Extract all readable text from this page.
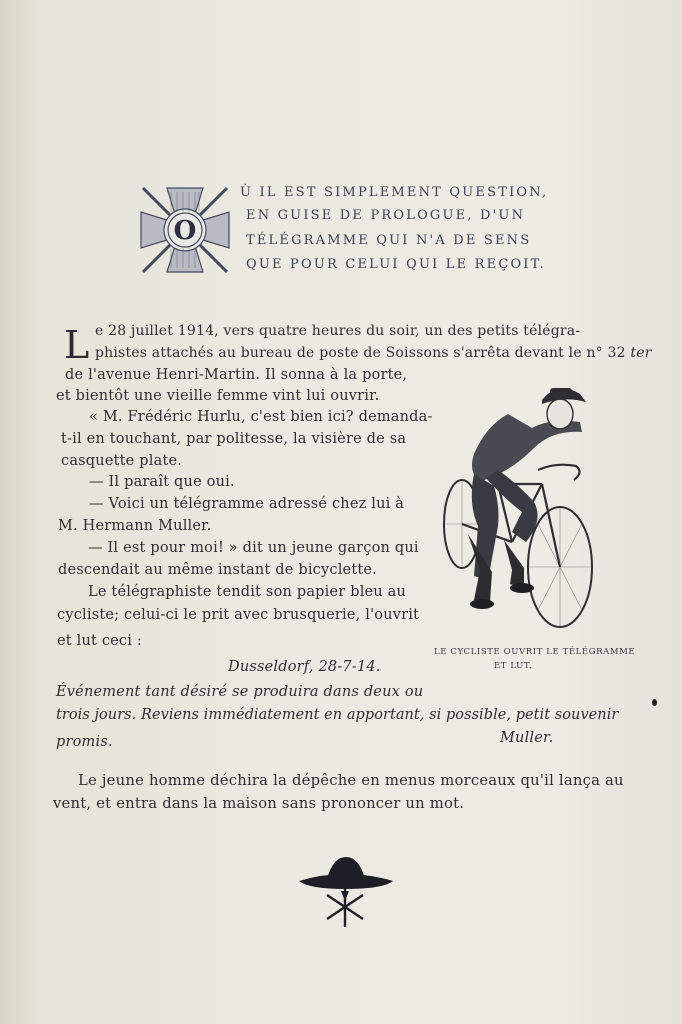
O
Ù IL EST SIMPLEMENT QUESTION,
EN GUISE DE PROLOGUE, D'UN
TÉLÉGRAMME QUI N'A DE SENS
QUE POUR CELUI QUI LE REÇOIT.
L e 28 juillet 1914, vers quatre heures du soir, un des petits télégra-
phistes attachés au bureau de poste de Soissons s'arrêta devant le n° 32 ter
de l'avenue Henri-Martin. Il sonna à la porte,
et bientôt une vieille femme vint lui ouvrir.
« M. Frédéric Hurlu, c'est bien ici? demanda-
t-il en touchant, par politesse, la visière de sa
casquette plate.
— Il paraît que oui.
— Voici un télégramme adressé chez lui à
M. Hermann Muller.
— Il est pour moi! » dit un jeune garçon qui
descendait au même instant de bicyclette.
Le télégraphiste tendit son papier bleu au
cycliste; celui-ci le prit avec brusquerie, l'ouvrit
et lut ceci :
LE CYCLISTE OUVRIT LE TÉLÉGRAMME
ET LUT.
Dusseldorf, 28-7-14.
Événement tant désiré se produira dans deux ou
trois jours. Reviens immédiatement en apportant, si possible, petit souvenir
promis.	Muller.
Le jeune homme déchira la dépêche en menus morceaux qu'il lança au
vent, et entra dans la maison sans prononcer un mot.
